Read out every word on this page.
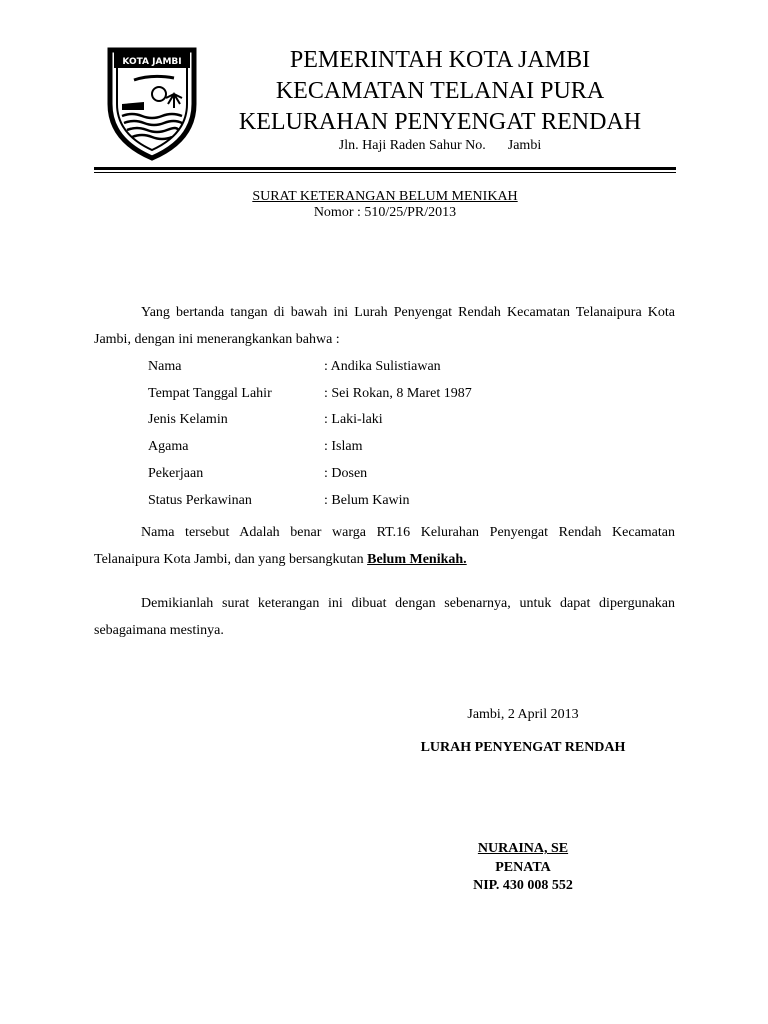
KOTA JAMBI	PEMERINTAH KOTA JAMBI
KECAMATAN TELANAI PURA
KELURAHAN PENYENGAT RENDAH
Jln. Haji Raden Sahur No. Jambi
SURAT KETERANGAN BELUM MENIKAH
Nomor : 510/25/PR/2013
Yang bertanda tangan di bawah ini Lurah Penyengat Rendah Kecamatan Telanaipura Kota Jambi, dengan ini menerangkankan bahwa :
Nama	: Andika Sulistiawan
Tempat Tanggal Lahir	: Sei Rokan, 8 Maret 1987
Jenis Kelamin	: Laki-laki
Agama	: Islam
Pekerjaan	: Dosen
Status Perkawinan	: Belum Kawin
Nama tersebut Adalah benar warga RT.16 Kelurahan Penyengat Rendah Kecamatan Telanaipura Kota Jambi, dan yang bersangkutan Belum Menikah.
Demikianlah surat keterangan ini dibuat dengan sebenarnya, untuk dapat dipergunakan sebagaimana mestinya.
Jambi, 2 April 2013
LURAH PENYENGAT RENDAH
NURAINA, SE
PENATA
NIP. 430 008 552
